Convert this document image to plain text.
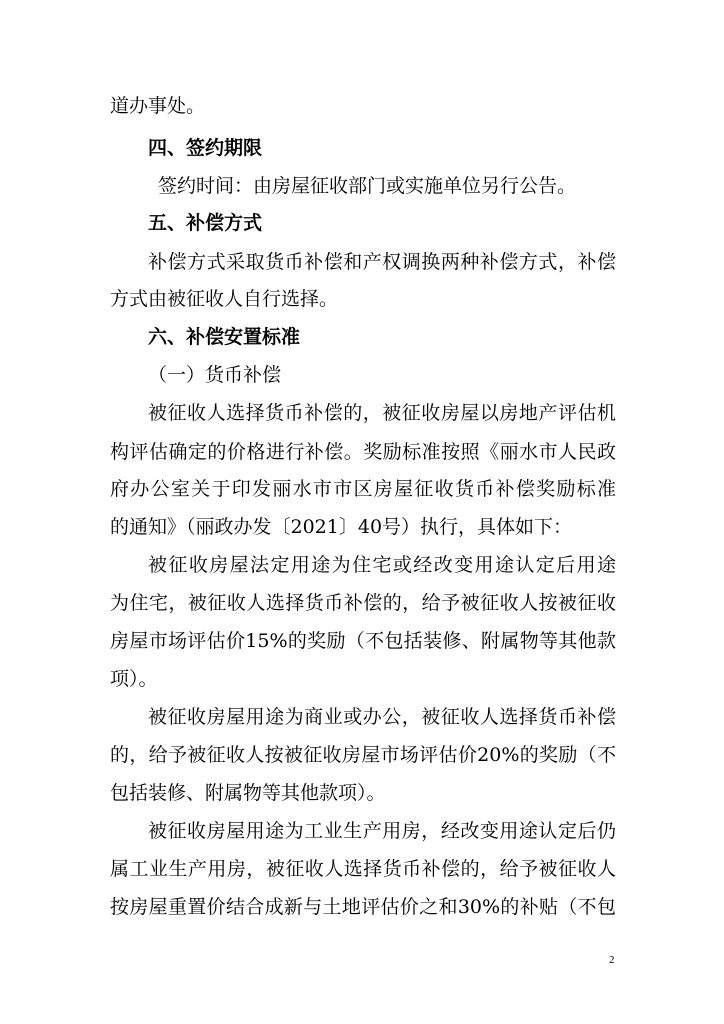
道办事处。
四、签约期限
签约时间：由房屋征收部门或实施单位另行公告。
五、补偿方式
补偿方式采取货币补偿和产权调换两种补偿方式，补偿
方式由被征收人自行选择。
六、补偿安置标准
（一）货币补偿
被征收人选择货币补偿的，被征收房屋以房地产评估机
构评估确定的价格进行补偿。奖励标准按照《丽水市人民政
府办公室关于印发丽水市市区房屋征收货币补偿奖励标准
的通知》（丽政办发〔2021〕40号）执行，具体如下：
被征收房屋法定用途为住宅或经改变用途认定后用途
为住宅，被征收人选择货币补偿的，给予被征收人按被征收
房屋市场评估价15%的奖励（不包括装修、附属物等其他款
项）。
被征收房屋用途为商业或办公，被征收人选择货币补偿
的，给予被征收人按被征收房屋市场评估价20%的奖励（不
包括装修、附属物等其他款项）。
被征收房屋用途为工业生产用房，经改变用途认定后仍
属工业生产用房，被征收人选择货币补偿的，给予被征收人
按房屋重置价结合成新与土地评估价之和30%的补贴（不包
2
